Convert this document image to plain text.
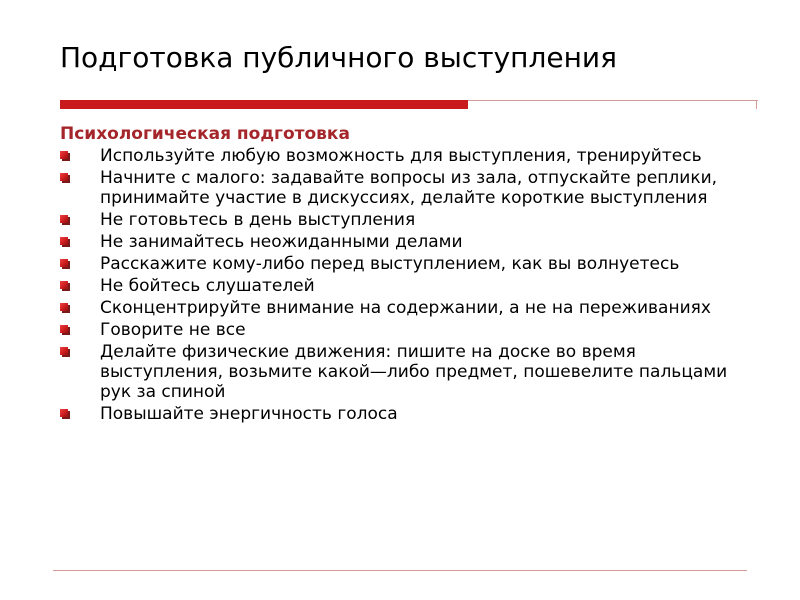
Подготовка публичного выступления
Психологическая подготовка
Используйте любую возможность для выступления, тренируйтесь
Начните с малого: задавайте вопросы из зала, отпускайте реплики, принимайте участие в дискуссиях, делайте короткие выступления
Не готовьтесь в день выступления
Не занимайтесь неожиданными делами
Расскажите кому-либо перед выступлением, как вы волнуетесь
Не бойтесь слушателей
Сконцентрируйте внимание на содержании, а не на переживаниях
Говорите не все
Делайте физические движения: пишите на доске во время выступления, возьмите какой—либо предмет, пошевелите пальцами рук за спиной
Повышайте энергичность голоса
